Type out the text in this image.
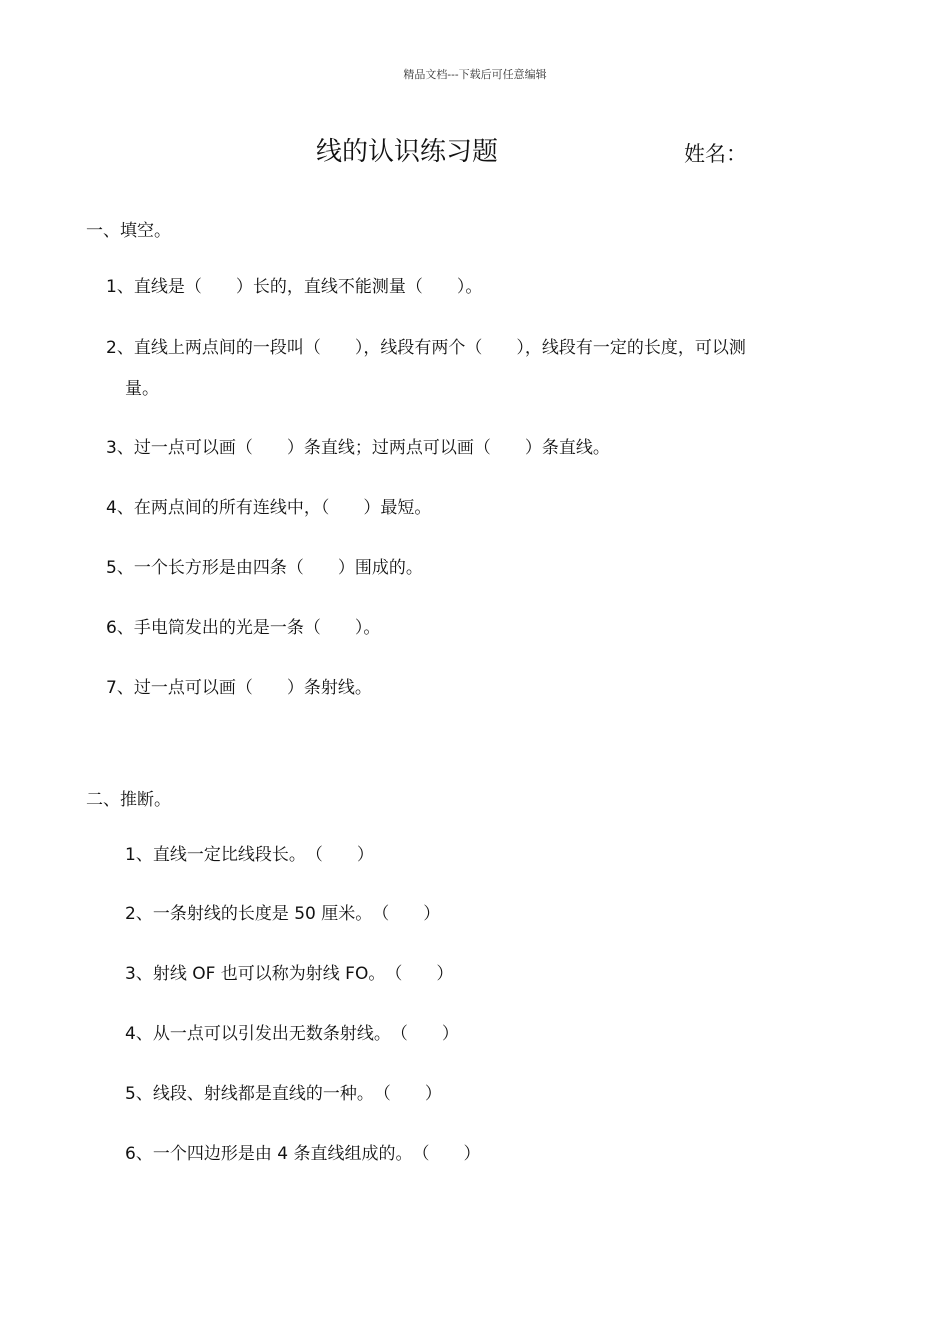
精品文档---下载后可任意编辑
线的认识练习题	姓名：
一、填空。
1、直线是（　　）长的，直线不能测量（　　）。
2、直线上两点间的一段叫（　　），线段有两个（　　），线段有一定的长度，可以测
量。
3、过一点可以画（　　）条直线；过两点可以画（　　）条直线。
4、在两点间的所有连线中，（　　）最短。
5、一个长方形是由四条（　　）围成的。
6、手电筒发出的光是一条（　　）。
7、过一点可以画（　　）条射线。
二、推断。
1、直线一定比线段长。　（　　）
2、一条射线的长度是 50 厘米。　（　　）
3、射线 OF 也可以称为射线 FO。　（　　）
4、从一点可以引发出无数条射线。　（　　）
5、线段、射线都是直线的一种。　（　　）
6、一个四边形是由 4 条直线组成的。　（　　）
